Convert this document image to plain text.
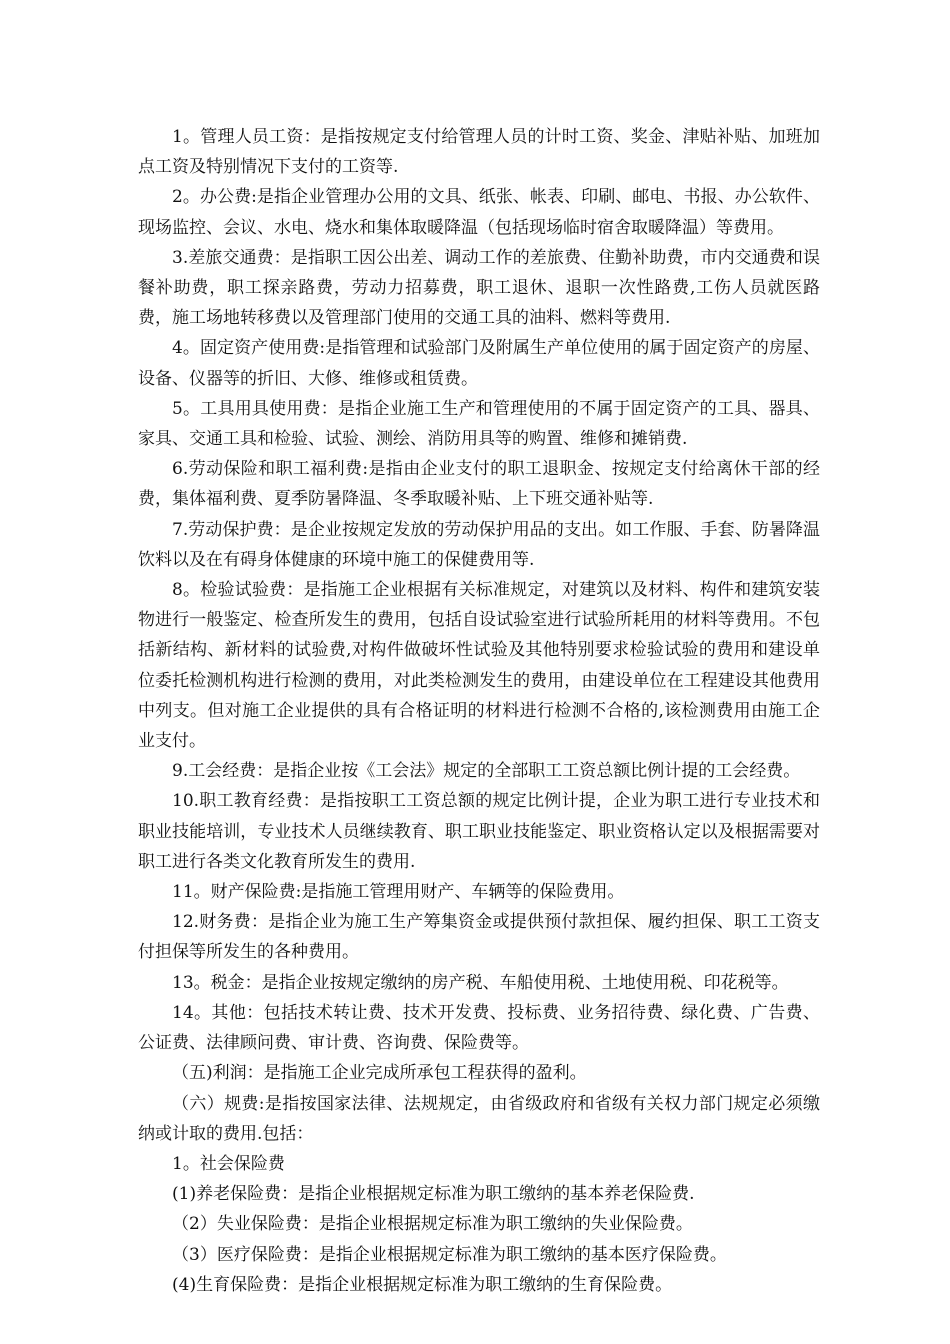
1。管理人员工资：是指按规定支付给管理人员的计时工资、奖金、津贴补贴、加班加点工资及特别情况下支付的工资等.

2。办公费:是指企业管理办公用的文具、纸张、帐表、印刷、邮电、书报、办公软件、现场监控、会议、水电、烧水和集体取暖降温（包括现场临时宿舍取暖降温）等费用。

3.差旅交通费：是指职工因公出差、调动工作的差旅费、住勤补助费，市内交通费和误餐补助费，职工探亲路费，劳动力招募费，职工退休、退职一次性路费,工伤人员就医路费，施工场地转移费以及管理部门使用的交通工具的油料、燃料等费用.

4。固定资产使用费:是指管理和试验部门及附属生产单位使用的属于固定资产的房屋、设备、仪器等的折旧、大修、维修或租赁费。

5。工具用具使用费：是指企业施工生产和管理使用的不属于固定资产的工具、器具、家具、交通工具和检验、试验、测绘、消防用具等的购置、维修和摊销费.

6.劳动保险和职工福利费:是指由企业支付的职工退职金、按规定支付给离休干部的经费，集体福利费、夏季防暑降温、冬季取暖补贴、上下班交通补贴等.

7.劳动保护费：是企业按规定发放的劳动保护用品的支出。如工作服、手套、防暑降温饮料以及在有碍身体健康的环境中施工的保健费用等.

8。检验试验费：是指施工企业根据有关标准规定，对建筑以及材料、构件和建筑安装物进行一般鉴定、检查所发生的费用，包括自设试验室进行试验所耗用的材料等费用。不包括新结构、新材料的试验费,对构件做破坏性试验及其他特别要求检验试验的费用和建设单位委托检测机构进行检测的费用，对此类检测发生的费用，由建设单位在工程建设其他费用中列支。但对施工企业提供的具有合格证明的材料进行检测不合格的,该检测费用由施工企业支付。

9.工会经费：是指企业按《工会法》规定的全部职工工资总额比例计提的工会经费。

10.职工教育经费：是指按职工工资总额的规定比例计提，企业为职工进行专业技术和职业技能培训，专业技术人员继续教育、职工职业技能鉴定、职业资格认定以及根据需要对职工进行各类文化教育所发生的费用.

11。财产保险费:是指施工管理用财产、车辆等的保险费用。

12.财务费：是指企业为施工生产筹集资金或提供预付款担保、履约担保、职工工资支付担保等所发生的各种费用。

13。税金：是指企业按规定缴纳的房产税、车船使用税、土地使用税、印花税等。

14。其他：包括技术转让费、技术开发费、投标费、业务招待费、绿化费、广告费、公证费、法律顾问费、审计费、咨询费、保险费等。

（五)利润：是指施工企业完成所承包工程获得的盈利。

（六）规费:是指按国家法律、法规规定，由省级政府和省级有关权力部门规定必须缴纳或计取的费用.包括：

1。社会保险费

(1)养老保险费：是指企业根据规定标准为职工缴纳的基本养老保险费.

（2）失业保险费：是指企业根据规定标准为职工缴纳的失业保险费。

（3）医疗保险费：是指企业根据规定标准为职工缴纳的基本医疗保险费。

(4)生育保险费：是指企业根据规定标准为职工缴纳的生育保险费。
